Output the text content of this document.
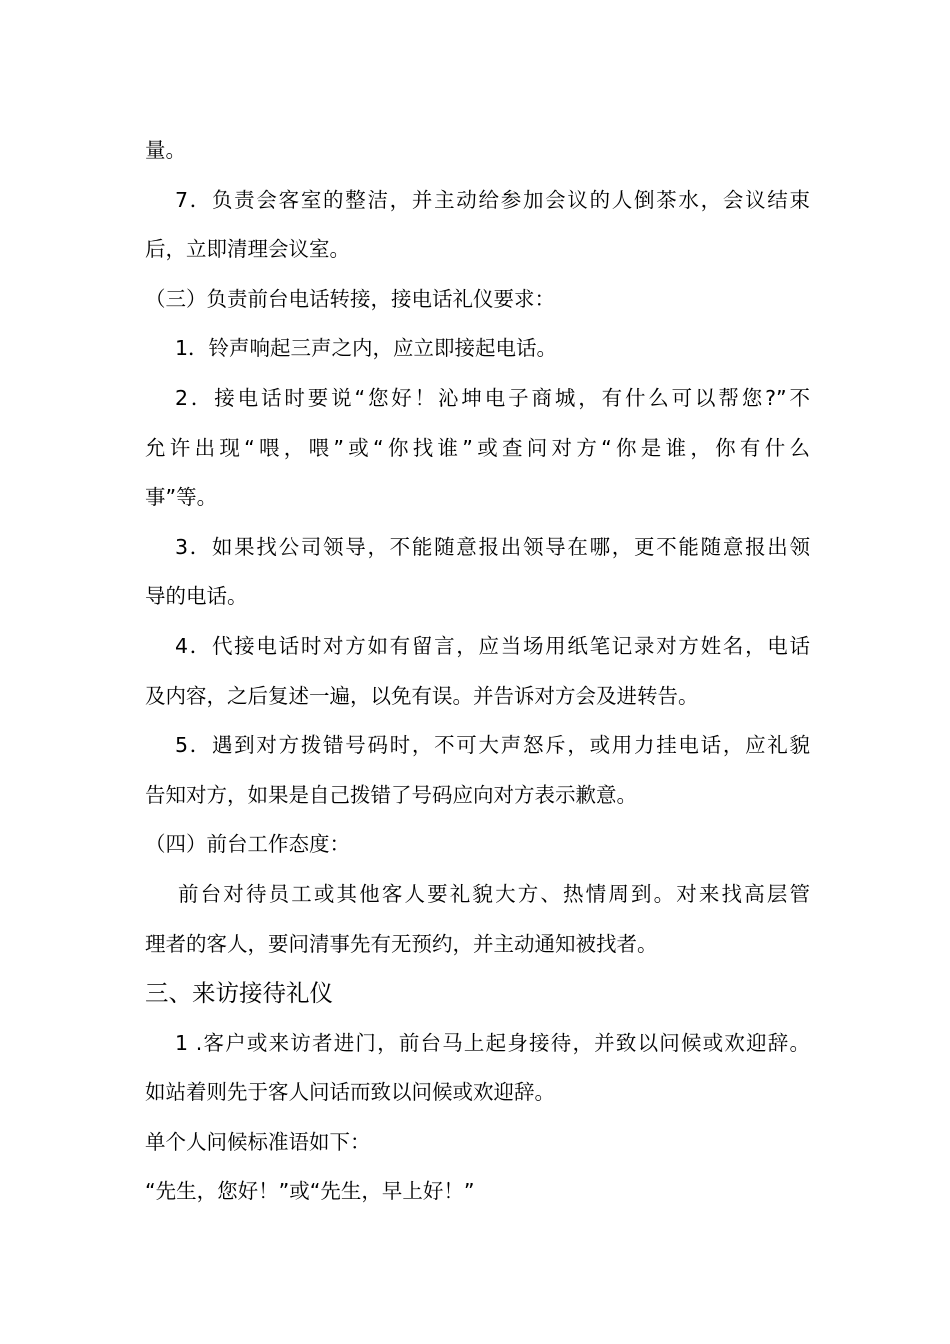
量。
7．负责会客室的整洁，并主动给参加会议的人倒茶水，会议结束
后，立即清理会议室。
（三）负责前台电话转接，接电话礼仪要求：
1．铃声响起三声之内，应立即接起电话。
2．接电话时要说“您好！沁坤电子商城，有什么可以帮您?”不
允许出现“喂，喂”或“你找谁”或查问对方“你是谁，你有什么
事”等。
3．如果找公司领导，不能随意报出领导在哪，更不能随意报出领
导的电话。
4．代接电话时对方如有留言，应当场用纸笔记录对方姓名，电话
及内容，之后复述一遍，以免有误。并告诉对方会及进转告。
5．遇到对方拨错号码时，不可大声怒斥，或用力挂电话，应礼貌
告知对方，如果是自己拨错了号码应向对方表示歉意。
（四）前台工作态度：
前台对待员工或其他客人要礼貌大方、热情周到。对来找高层管
理者的客人，要问清事先有无预约，并主动通知被找者。
三、来访接待礼仪
1 .客户或来访者进门，前台马上起身接待，并致以问候或欢迎辞。
如站着则先于客人问话而致以问候或欢迎辞。
单个人问候标准语如下：
“先生，您好！”或“先生，早上好！”
